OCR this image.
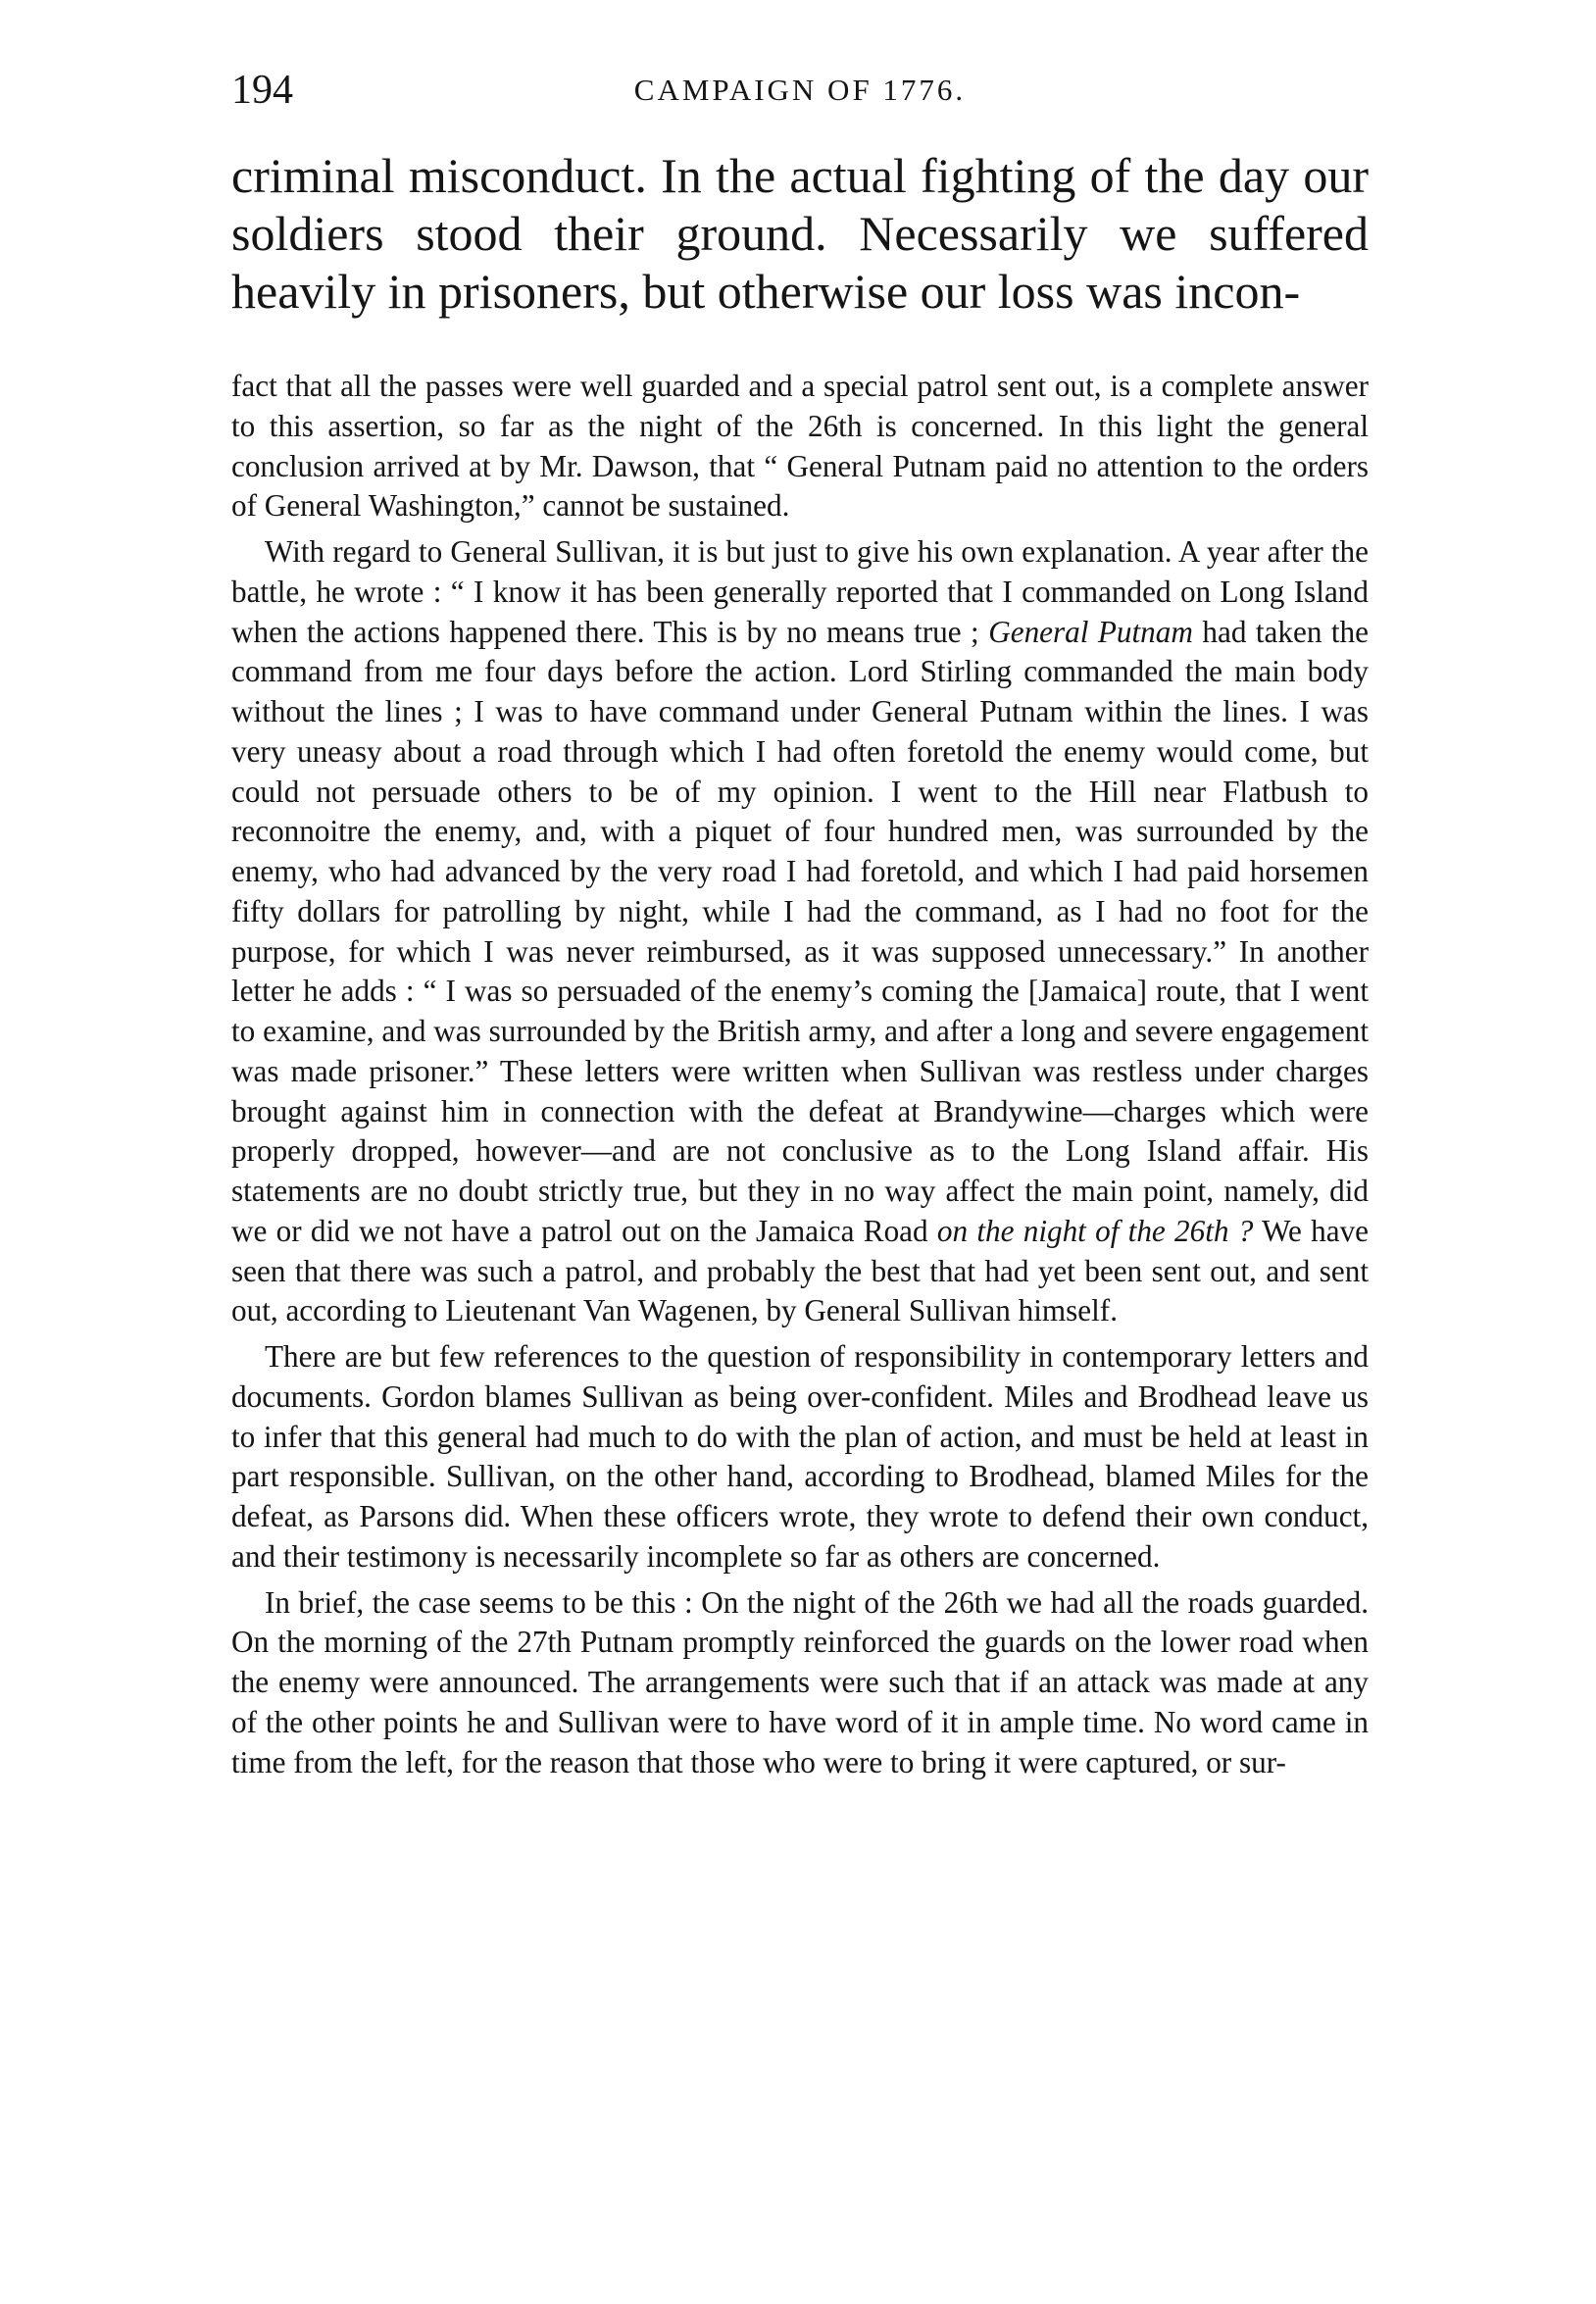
194	CAMPAIGN OF 1776.

criminal misconduct. In the actual fighting of the day our soldiers stood their ground. Necessarily we suffered heavily in prisoners, but otherwise our loss was incon-

fact that all the passes were well guarded and a special patrol sent out, is a complete answer to this assertion, so far as the night of the 26th is concerned. In this light the general conclusion arrived at by Mr. Dawson, that “ General Putnam paid no attention to the orders of General Washington,” cannot be sustained.

With regard to General Sullivan, it is but just to give his own explanation. A year after the battle, he wrote : “ I know it has been generally reported that I commanded on Long Island when the actions happened there. This is by no means true ; General Putnam had taken the command from me four days before the action. Lord Stirling commanded the main body without the lines ; I was to have command under General Putnam within the lines. I was very uneasy about a road through which I had often foretold the enemy would come, but could not persuade others to be of my opinion. I went to the Hill near Flatbush to reconnoitre the enemy, and, with a piquet of four hundred men, was surrounded by the enemy, who had advanced by the very road I had foretold, and which I had paid horsemen fifty dollars for patrolling by night, while I had the command, as I had no foot for the purpose, for which I was never reimbursed, as it was supposed unnecessary.” In another letter he adds : “ I was so persuaded of the enemy’s coming the [Jamaica] route, that I went to examine, and was surrounded by the British army, and after a long and severe engagement was made prisoner.” These letters were written when Sullivan was restless under charges brought against him in connection with the defeat at Brandywine—charges which were properly dropped, however—and are not conclusive as to the Long Island affair. His statements are no doubt strictly true, but they in no way affect the main point, namely, did we or did we not have a patrol out on the Jamaica Road on the night of the 26th ? We have seen that there was such a patrol, and probably the best that had yet been sent out, and sent out, according to Lieutenant Van Wagenen, by General Sullivan himself.

There are but few references to the question of responsibility in contemporary letters and documents. Gordon blames Sullivan as being over-confident. Miles and Brodhead leave us to infer that this general had much to do with the plan of action, and must be held at least in part responsible. Sullivan, on the other hand, according to Brodhead, blamed Miles for the defeat, as Parsons did. When these officers wrote, they wrote to defend their own conduct, and their testimony is necessarily incomplete so far as others are concerned.

In brief, the case seems to be this : On the night of the 26th we had all the roads guarded. On the morning of the 27th Putnam promptly reinforced the guards on the lower road when the enemy were announced. The arrangements were such that if an attack was made at any of the other points he and Sullivan were to have word of it in ample time. No word came in time from the left, for the reason that those who were to bring it were captured, or sur-
